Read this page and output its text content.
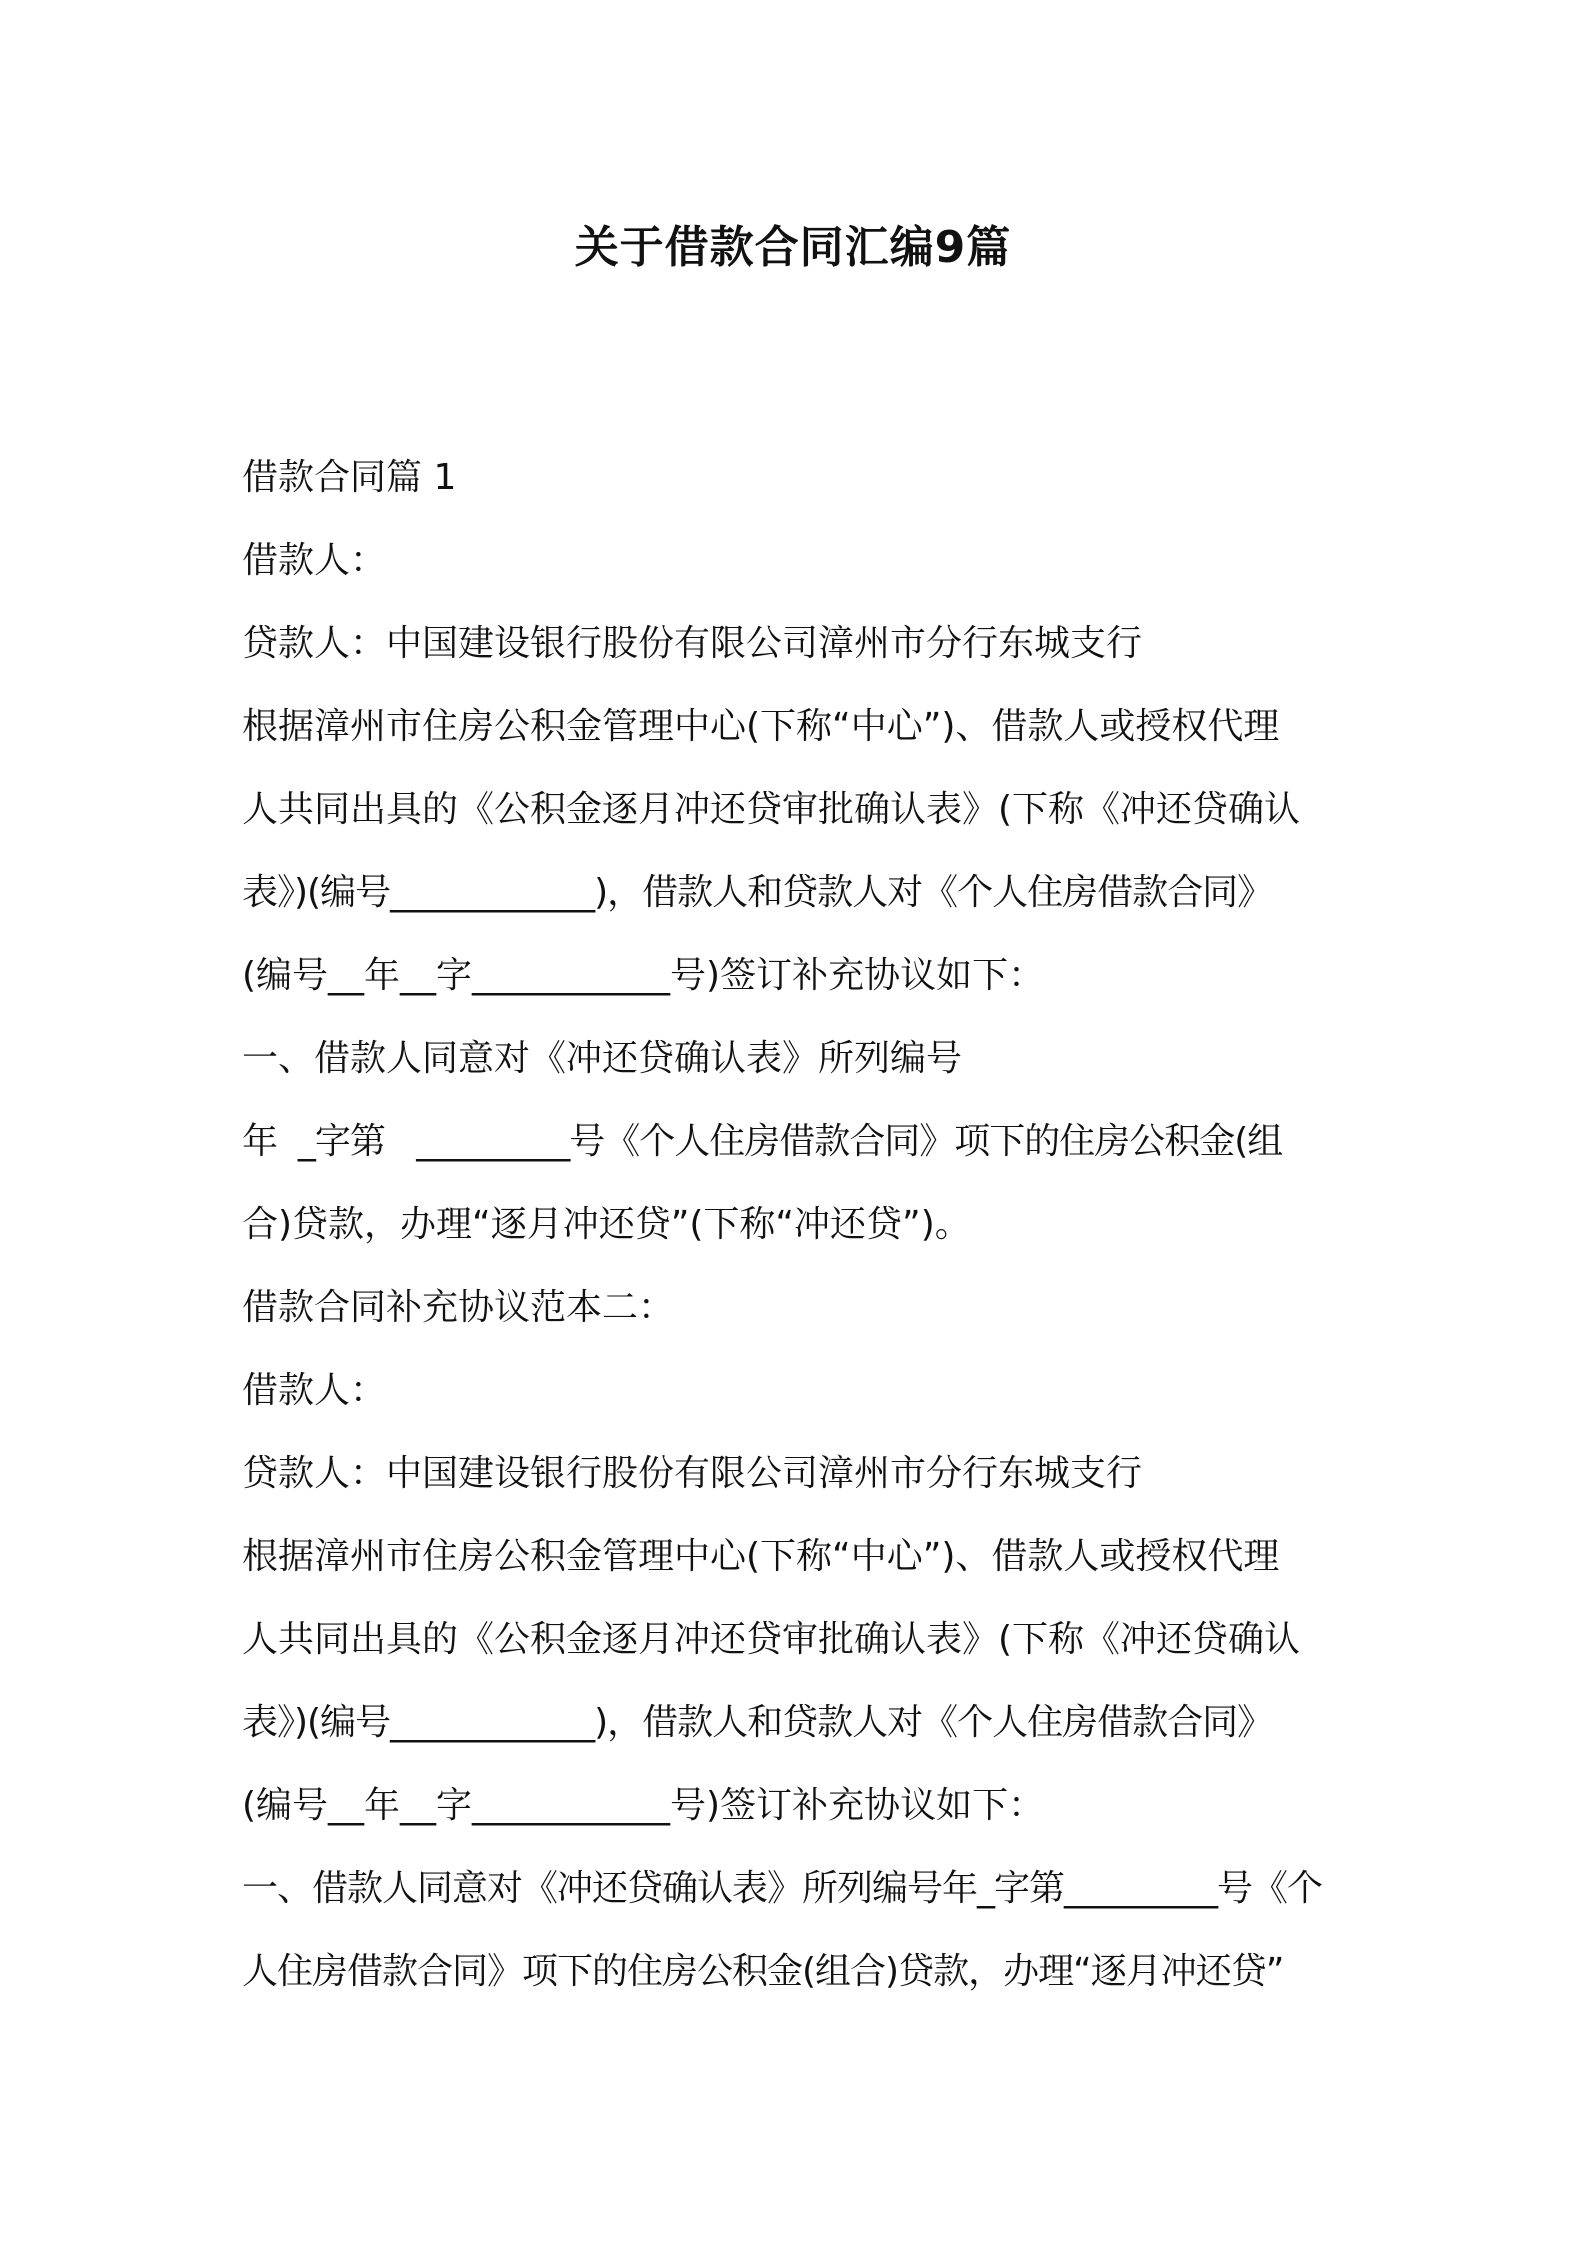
关于借款合同汇编9篇
借款合同篇 1
借款人：
贷款人：中国建设银行股份有限公司漳州市分行东城支行
根据漳州市住房公积金管理中心(下称“中心”)、借款人或授权代理
人共同出具的《公积金逐月冲还贷审批确认表》(下称《冲还贷确认
表》)(编号____________)，借款人和贷款人对《个人住房借款合同》
(编号__年__字___________号)签订补充协议如下：
一、借款人同意对《冲还贷确认表》所列编号
年  _字第   _________号《个人住房借款合同》项下的住房公积金(组
合)贷款，办理“逐月冲还贷”(下称“冲还贷”)。
借款合同补充协议范本二：
借款人：
贷款人：中国建设银行股份有限公司漳州市分行东城支行
根据漳州市住房公积金管理中心(下称“中心”)、借款人或授权代理
人共同出具的《公积金逐月冲还贷审批确认表》(下称《冲还贷确认
表》)(编号____________)，借款人和贷款人对《个人住房借款合同》
(编号__年__字___________号)签订补充协议如下：
一、借款人同意对《冲还贷确认表》所列编号年_字第_________号《个
人住房借款合同》项下的住房公积金(组合)贷款，办理“逐月冲还贷”
